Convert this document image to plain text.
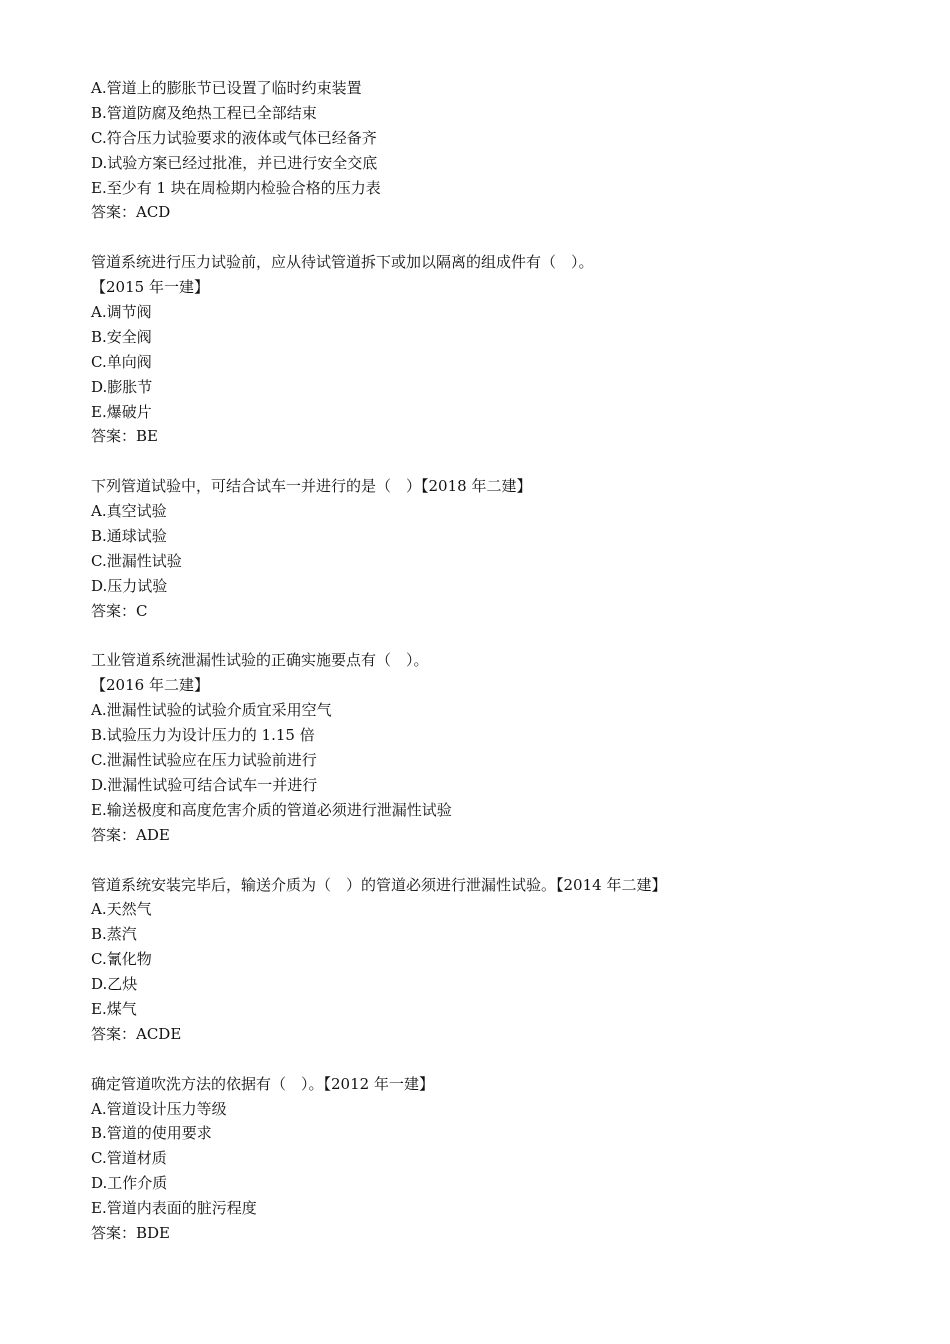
A.管道上的膨胀节已设置了临时约束装置
B.管道防腐及绝热工程已全部结束
C.符合压力试验要求的液体或气体已经备齐
D.试验方案已经过批准，并已进行安全交底
E.至少有 1 块在周检期内检验合格的压力表
答案：ACD
管道系统进行压力试验前，应从待试管道拆下或加以隔离的组成件有（　）。
【2015 年一建】
A.调节阀
B.安全阀
C.单向阀
D.膨胀节
E.爆破片
答案：BE
下列管道试验中，可结合试车一并进行的是（　）【2018 年二建】
A.真空试验
B.通球试验
C.泄漏性试验
D.压力试验
答案：C
工业管道系统泄漏性试验的正确实施要点有（　）。
【2016 年二建】
A.泄漏性试验的试验介质宜采用空气
B.试验压力为设计压力的 1.15 倍
C.泄漏性试验应在压力试验前进行
D.泄漏性试验可结合试车一并进行
E.输送极度和高度危害介质的管道必须进行泄漏性试验
答案：ADE
管道系统安装完毕后，输送介质为（　）的管道必须进行泄漏性试验。【2014 年二建】
A.天然气
B.蒸汽
C.氰化物
D.乙炔
E.煤气
答案：ACDE
确定管道吹洗方法的依据有（　）。【2012 年一建】
A.管道设计压力等级
B.管道的使用要求
C.管道材质
D.工作介质
E.管道内表面的脏污程度
答案：BDE
